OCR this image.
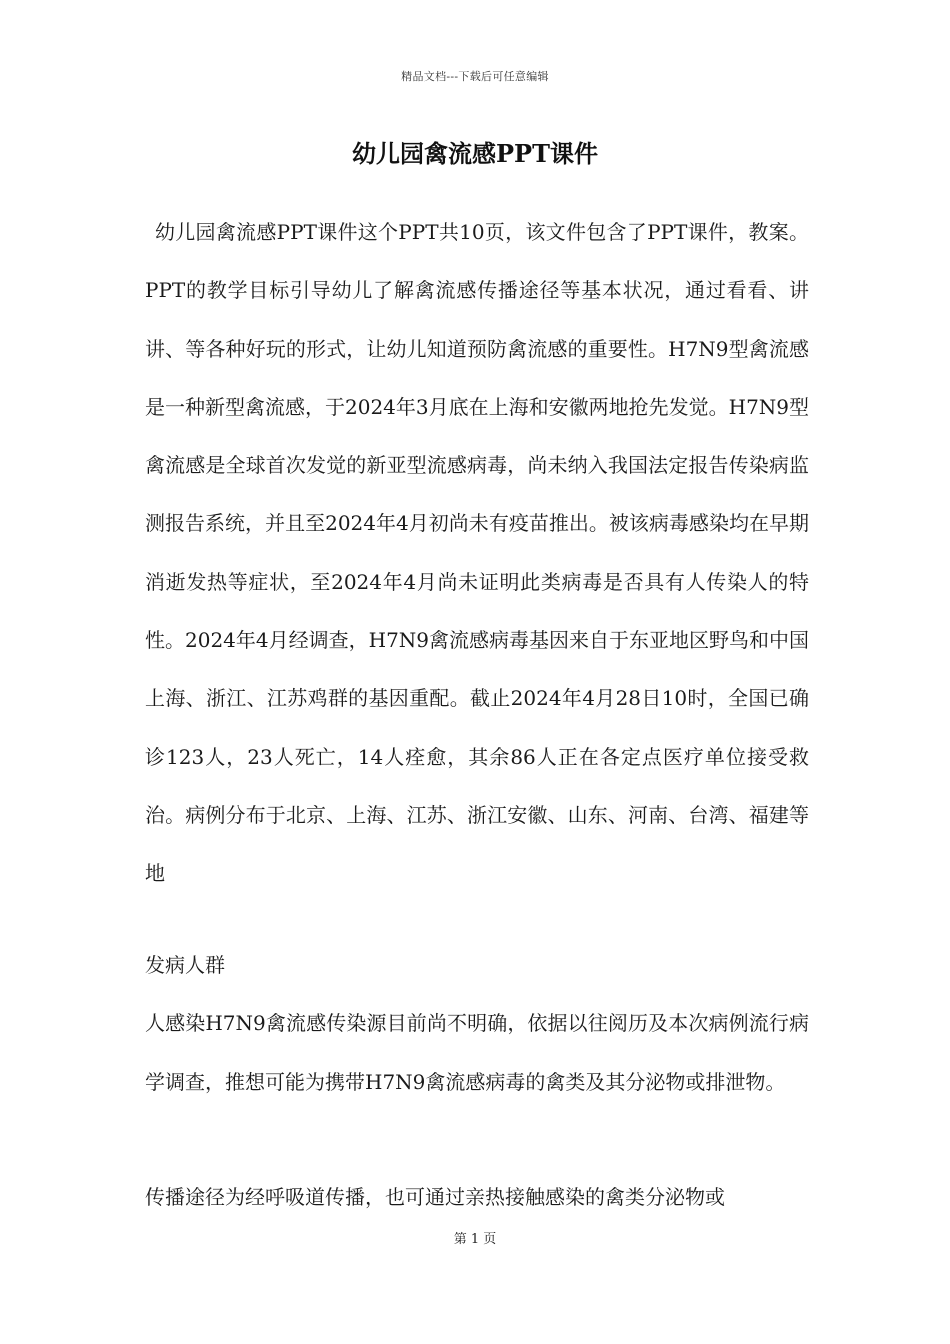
精品文档---下载后可任意编辑
幼儿园禽流感PPT课件

幼儿园禽流感PPT课件这个PPT共10页，该文件包含了PPT课件，教案。PPT的教学目标引导幼儿了解禽流感传播途径等基本状况，通过看看、讲讲、等各种好玩的形式，让幼儿知道预防禽流感的重要性。H7N9型禽流感是一种新型禽流感，于2024年3月底在上海和安徽两地抢先发觉。H7N9型禽流感是全球首次发觉的新亚型流感病毒，尚未纳入我国法定报告传染病监测报告系统，并且至2024年4月初尚未有疫苗推出。被该病毒感染均在早期消逝发热等症状，至2024年4月尚未证明此类病毒是否具有人传染人的特性。2024年4月经调查，H7N9禽流感病毒基因来自于东亚地区野鸟和中国上海、浙江、江苏鸡群的基因重配。截止2024年4月28日10时，全国已确诊123人，23人死亡，14人痊愈，其余86人正在各定点医疗单位接受救治。病例分布于北京、上海、江苏、浙江安徽、山东、河南、台湾、福建等地

发病人群

人感染H7N9禽流感传染源目前尚不明确，依据以往阅历及本次病例流行病学调查，推想可能为携带H7N9禽流感病毒的禽类及其分泌物或排泄物。

传播途径为经呼吸道传播，也可通过亲热接触感染的禽类分泌物或

第 1 页
